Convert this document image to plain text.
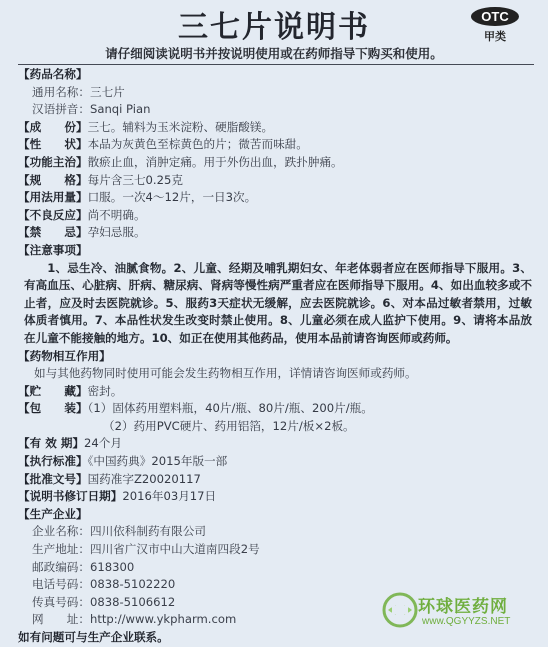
三七片说明书	OTC
甲类
请仔细阅读说明书并按说明使用或在药师指导下购买和使用。
【药品名称】
通用名称：三七片
汉语拼音：Sanqi Pian
【成　　份】三七。辅料为玉米淀粉、硬脂酸镁。
【性　　状】本品为灰黄色至棕黄色的片；微苦而味甜。
【功能主治】散瘀止血，消肿定痛。用于外伤出血，跌扑肿痛。
【规　　格】每片含三七0.25克
【用法用量】口服。一次4～12片，一日3次。
【不良反应】尚不明确。
【禁　　忌】孕妇忌服。
【注意事项】
1、忌生冷、油腻食物。2、儿童、经期及哺乳期妇女、年老体弱者应在医师指导下服用。3、有高血压、心脏病、肝病、糖尿病、肾病等慢性病严重者应在医师指导下服用。4、如出血较多或不止者，应及时去医院就诊。5、服药3天症状无缓解，应去医院就诊。6、对本品过敏者禁用，过敏体质者慎用。7、本品性状发生改变时禁止使用。8、儿童必须在成人监护下使用。9、请将本品放在儿童不能接触的地方。10、如正在使用其他药品，使用本品前请咨询医师或药师。
【药物相互作用】
如与其他药物同时使用可能会发生药物相互作用，详情请咨询医师或药师。
【贮　　藏】密封。
【包　　装】（1）固体药用塑料瓶，40片/瓶、80片/瓶、200片/瓶。
（2）药用PVC硬片、药用铝箔，12片/板×2板。
【有 效 期】24个月
【执行标准】《中国药典》2015年版一部
【批准文号】国药准字Z20020117
【说明书修订日期】2016年03月17日
【生产企业】
企业名称：四川依科制药有限公司
生产地址：四川省广汉市中山大道南四段2号
邮政编码：618300
电话号码：0838-5102220
传真号码：0838-5106612
网　　址：http://www.ykpharm.com
如有问题可与生产企业联系。
环球医药网
www.QGYYZS.NET
